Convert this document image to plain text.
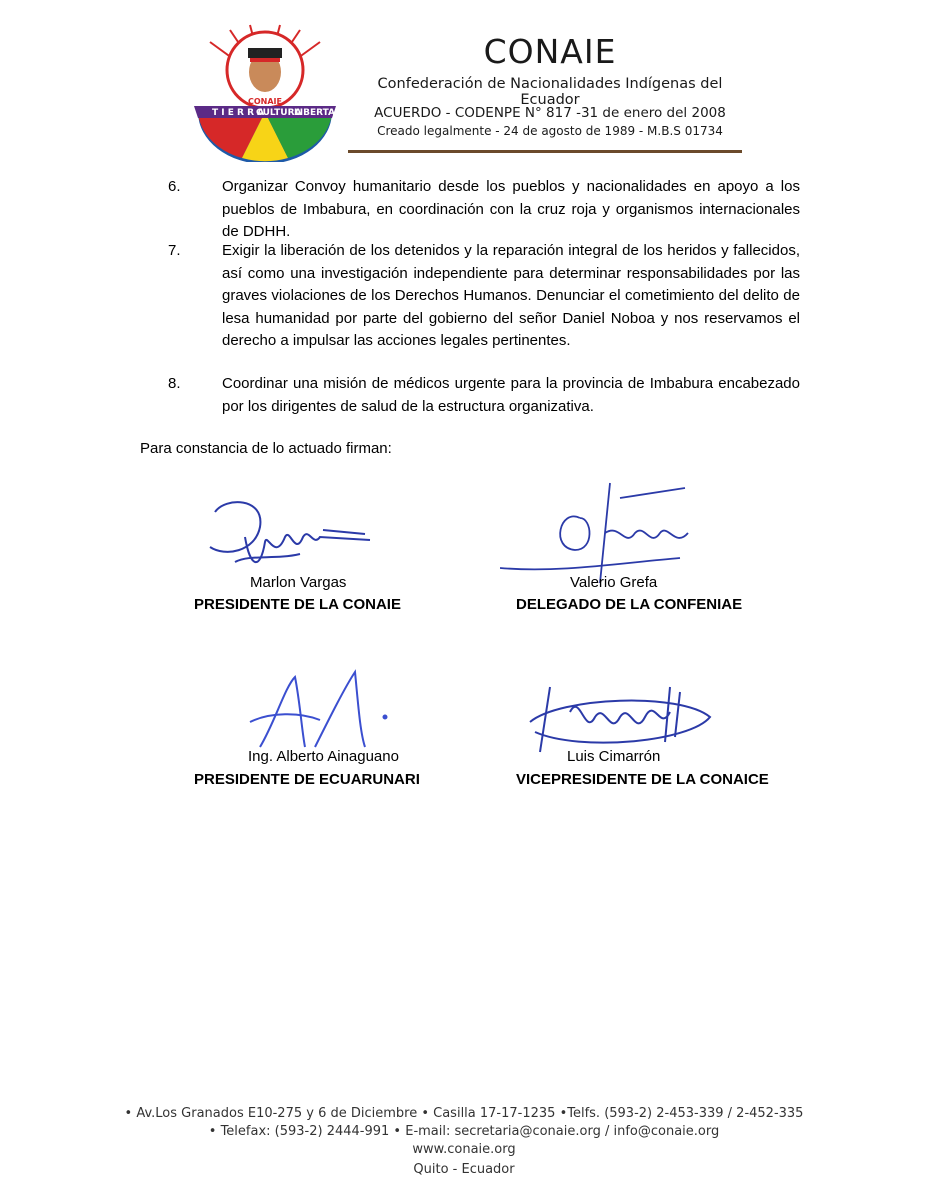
T I E R R A
CULTURA
LIBERTAD
CONAIE
CONAIE
Confederación de Nacionalidades Indígenas del Ecuador
ACUERDO - CODENPE N° 817 -31 de enero del 2008
Creado legalmente - 24 de agosto de 1989 - M.B.S 01734
6.	Organizar Convoy humanitario desde los pueblos y nacionalidades en apoyo a los pueblos de Imbabura, en coordinación con la cruz roja y organismos internacionales de DDHH.
7.	Exigir la liberación de los detenidos y la reparación integral de los heridos y fallecidos, así como una investigación independiente para determinar responsabilidades por las graves violaciones de los Derechos Humanos. Denunciar el cometimiento del delito de lesa humanidad por parte del gobierno del señor Daniel Noboa y nos reservamos el derecho a impulsar las acciones legales pertinentes.
8.	Coordinar una misión de médicos urgente para la provincia de Imbabura encabezado por los dirigentes de salud de la estructura organizativa.
Para constancia de lo actuado firman:
Marlon Vargas
PRESIDENTE DE LA CONAIE
Valerio Grefa
DELEGADO DE LA CONFENIAE
Ing. Alberto Ainaguano
PRESIDENTE DE ECUARUNARI
Luis Cimarrón
VICEPRESIDENTE DE LA CONAICE
• Av.Los Granados E10-275 y 6 de Diciembre • Casilla 17-17-1235 •Telfs. (593-2) 2-453-339 / 2-452-335
• Telefax: (593-2) 2444-991 • E-mail: secretaria@conaie.org / info@conaie.org
www.conaie.org
Quito - Ecuador
